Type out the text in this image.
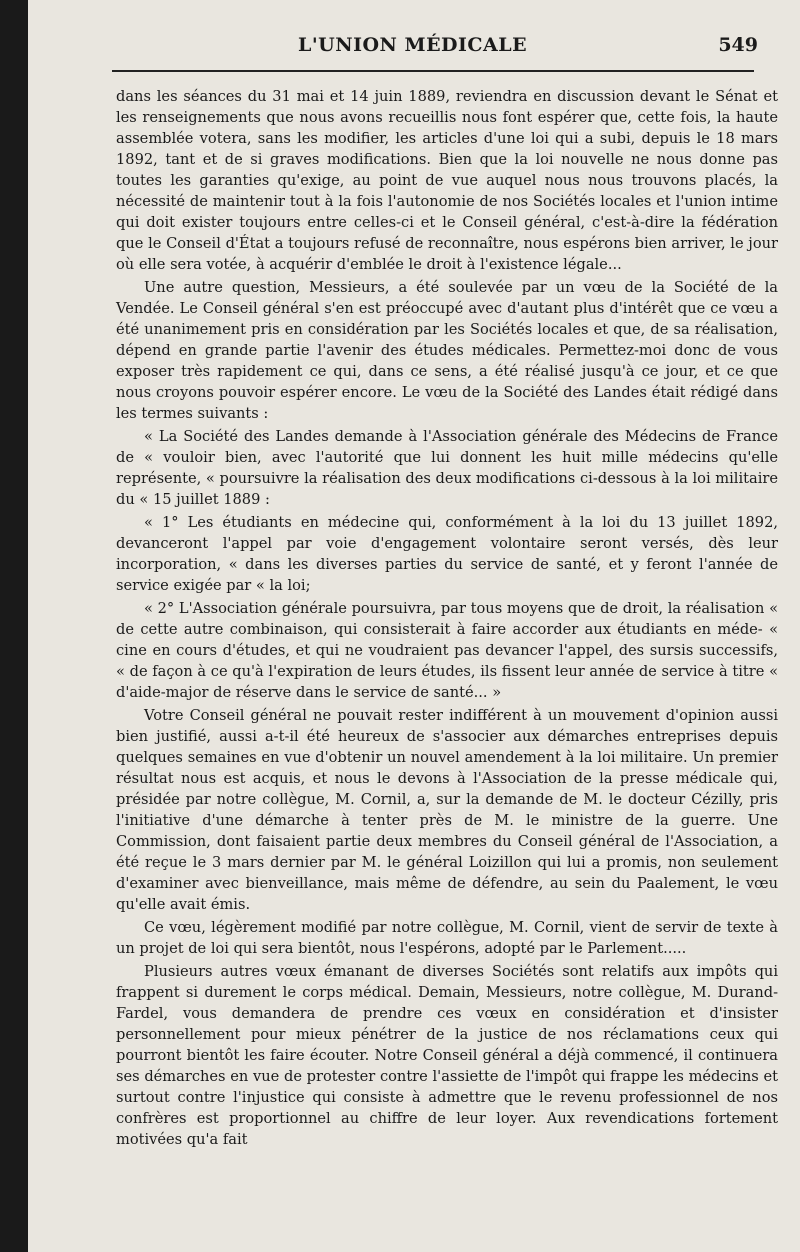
L'UNION MÉDICALE	549

dans les séances du 31 mai et 14 juin 1889, reviendra en discussion devant le Sénat et les renseignements que nous avons recueillis nous font espérer que, cette fois, la haute assemblée votera, sans les modifier, les articles d'une loi qui a subi, depuis le 18 mars 1892, tant et de si graves modifications. Bien que la loi nouvelle ne nous donne pas toutes les garanties qu'exige, au point de vue auquel nous nous trouvons placés, la nécessité de maintenir tout à la fois l'autonomie de nos Sociétés locales et l'union intime qui doit exister toujours entre celles-ci et le Conseil général, c'est-à-dire la fédération que le Conseil d'État a toujours refusé de reconnaître, nous espérons bien arriver, le jour où elle sera votée, à acquérir d'emblée le droit à l'existence légale...

Une autre question, Messieurs, a été soulevée par un vœu de la Société de la Vendée. Le Conseil général s'en est préoccupé avec d'autant plus d'intérêt que ce vœu a été unanimement pris en considération par les Sociétés locales et que, de sa réalisation, dépend en grande partie l'avenir des études médicales. Permettez-moi donc de vous exposer très rapidement ce qui, dans ce sens, a été réalisé jusqu'à ce jour, et ce que nous croyons pouvoir espérer encore. Le vœu de la Société des Landes était rédigé dans les termes suivants :

« La Société des Landes demande à l'Association générale des Médecins de France de « vouloir bien, avec l'autorité que lui donnent les huit mille médecins qu'elle représente, « poursuivre la réalisation des deux modifications ci-dessous à la loi militaire du « 15 juillet 1889 :

« 1° Les étudiants en médecine qui, conformément à la loi du 13 juillet 1892, devanceront l'appel par voie d'engagement volontaire seront versés, dès leur incorporation, « dans les diverses parties du service de santé, et y feront l'année de service exigée par « la loi;

« 2° L'Association générale poursuivra, par tous moyens que de droit, la réalisation « de cette autre combinaison, qui consisterait à faire accorder aux étudiants en méde- « cine en cours d'études, et qui ne voudraient pas devancer l'appel, des sursis successifs, « de façon à ce qu'à l'expiration de leurs études, ils fissent leur année de service à titre « d'aide-major de réserve dans le service de santé... »

Votre Conseil général ne pouvait rester indifférent à un mouvement d'opinion aussi bien justifié, aussi a-t-il été heureux de s'associer aux démarches entreprises depuis quelques semaines en vue d'obtenir un nouvel amendement à la loi militaire. Un premier résultat nous est acquis, et nous le devons à l'Association de la presse médicale qui, présidée par notre collègue, M. Cornil, a, sur la demande de M. le docteur Cézilly, pris l'initiative d'une démarche à tenter près de M. le ministre de la guerre. Une Commission, dont faisaient partie deux membres du Conseil général de l'Association, a été reçue le 3 mars dernier par M. le général Loizillon qui lui a promis, non seulement d'examiner avec bienveillance, mais même de défendre, au sein du Paalement, le vœu qu'elle avait émis.

Ce vœu, légèrement modifié par notre collègue, M. Cornil, vient de servir de texte à un projet de loi qui sera bientôt, nous l'espérons, adopté par le Parlement.....

Plusieurs autres vœux émanant de diverses Sociétés sont relatifs aux impôts qui frappent si durement le corps médical. Demain, Messieurs, notre collègue, M. Durand-Fardel, vous demandera de prendre ces vœux en considération et d'insister personnellement pour mieux pénétrer de la justice de nos réclamations ceux qui pourront bientôt les faire écouter. Notre Conseil général a déjà commencé, il continuera ses démarches en vue de protester contre l'assiette de l'impôt qui frappe les médecins et surtout contre l'injustice qui consiste à admettre que le revenu professionnel de nos confrères est proportionnel au chiffre de leur loyer. Aux revendications fortement motivées qu'a fait
